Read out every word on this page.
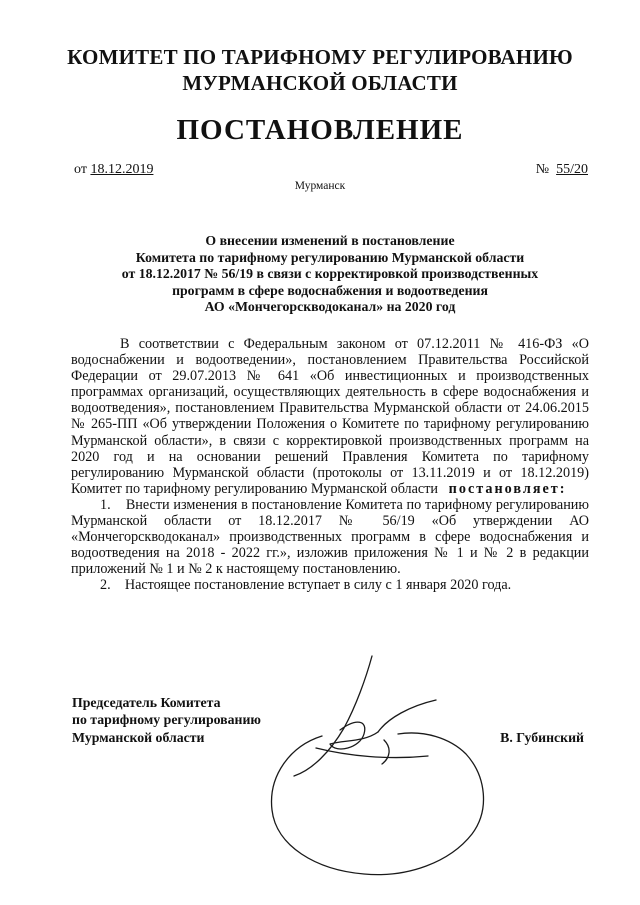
КОМИТЕТ ПО ТАРИФНОМУ РЕГУЛИРОВАНИЮ
МУРМАНСКОЙ ОБЛАСТИ
ПОСТАНОВЛЕНИЕ
от 18.12.2019	№ 55/20
Мурманск
О внесении изменений в постановление
Комитета по тарифному регулированию Мурманской области
от 18.12.2017 № 56/19 в связи с корректировкой производственных
программ в сфере водоснабжения и водоотведения
АО «Мончегорскводоканал» на 2020 год

В соответствии с Федеральным законом от 07.12.2011 № 416-ФЗ «О водоснабжении и водоотведении», постановлением Правительства Российской Федерации от 29.07.2013 № 641 «Об инвестиционных и производственных программах организаций, осуществляющих деятельность в сфере водоснабжения и водоотведения», постановлением Правительства Мурманской области от 24.06.2015 № 265-ПП «Об утверждении Положения о Комитете по тарифному регулированию Мурманской области», в связи с корректировкой производственных программ на 2020 год и на основании решений Правления Комитета по тарифному регулированию Мурманской области (протоколы от 13.11.2019 и от 18.12.2019) Комитет по тарифному регулированию Мурманской области постановляет:

1.    Внести изменения в постановление Комитета по тарифному регулированию Мурманской области от 18.12.2017 № 56/19 «Об утверждении АО «Мончегорскводоканал» производственных программ в сфере водоснабжения и водоотведения на 2018 - 2022 гг.», изложив приложения № 1 и № 2 в редакции приложений № 1 и № 2 к настоящему постановлению.

2.    Настоящее постановление вступает в силу с 1 января 2020 года.

Председатель Комитета
по тарифному регулированию
Мурманской области	В. Губинский
